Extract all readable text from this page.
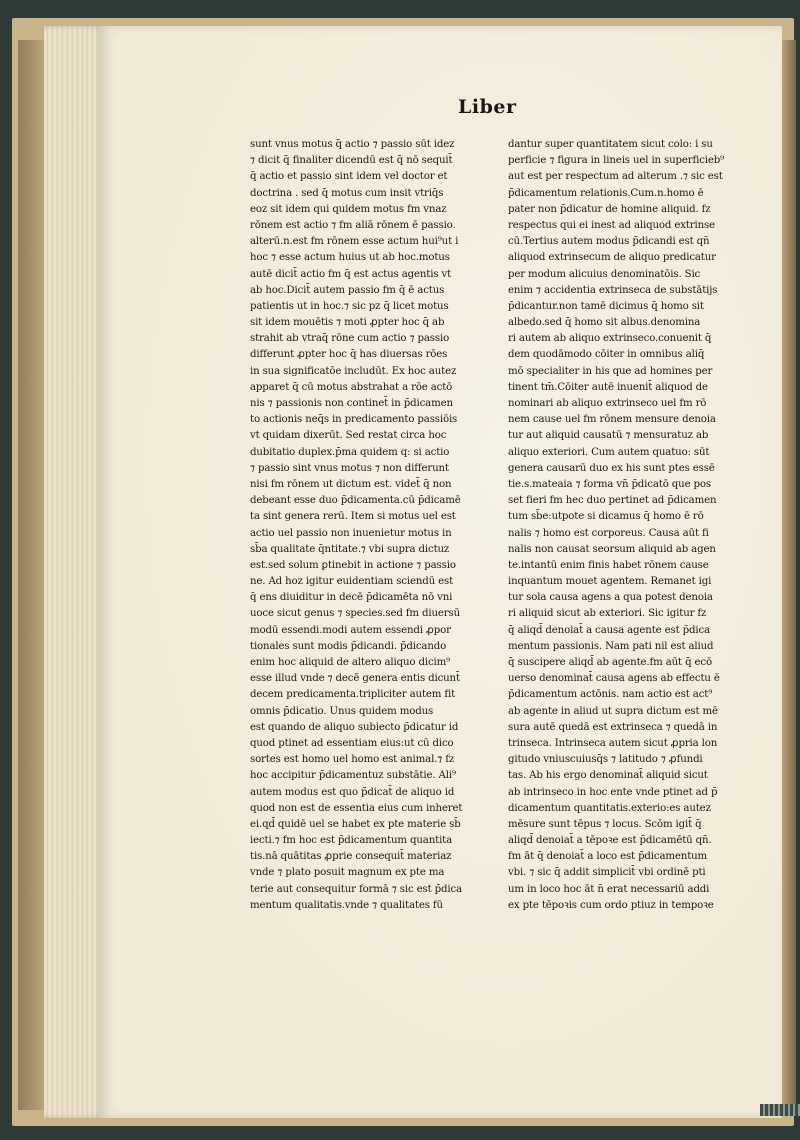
Liber
sunt vnus motus q̄ actio ⁊ passio sūt idez
⁊ dicit q̄ finaliter dicendū est q̄ nō sequit̄
q̄ actio et passio sint idem vel doctor et
doctrina . sed q̄ motus cum insit vtriq̄s
eoz sit idem qui quidem motus fm vnaz
rōnem est actio ⁊ fm aliā rōnem ē passio.
alterū.n.est fm rōnem esse actum hui⁹ut i
hoc ⁊ esse actum huius ut ab hoc.motus
autē dicit̄ actio fm q̄ est actus agentis vt
ab hoc.Dicit̄ autem passio fm q̄ ē actus
patientis ut in hoc.⁊ sic pz q̄ licet motus
sit idem mouētis ⁊ moti ꝓpter hoc q̄ ab
strahit ab vtraq̄ rōne cum actio ⁊ passio
differunt ꝓpter hoc q̄ has diuersas rōes
in sua significatōe includūt. Ex hoc autez
apparet q̄ cū motus abstrahat a rōe actō
nis ⁊ passionis non continet̄ in p̄dicamen
to actionis neq̄s in predicamento passiōis
vt quidam dixerūt. Sed restat circa hoc
dubitatio duplex.p̄ma quidem q: si actio
⁊ passio sint vnus motus ⁊ non differunt
nisi fm rōnem ut dictum est. videt̄ q̄ non
debeant esse duo p̄dicamenta.cū p̄dicamē
ta sint genera rerū. Item si motus uel est
actio uel passio non inuenietur motus in
sb̄a qualitate q̄ntitate.⁊ vbi supra dictuz
est.sed solum ꝑtinebit in actione ⁊ passio
ne. Ad hoz igitur euidentiam sciendū est
q̄ ens diuiditur in decē p̄dicamēta nō vni
uoce sicut genus ⁊ species.sed fm diuersū
modū essendi.modi autem essendi ꝓpor
tionales sunt modis p̄dicandi. p̄dicando
enim hoc aliquid de altero aliquo dicim⁹
esse illud vnde ⁊ decē genera entis dicunt̄
decem predicamenta.tripliciter autem fit
omnis p̄dicatio. Unus quidem modus
est quando de aliquo subiecto p̄dicatur id
quod ptinet ad essentiam eius:ut cū dico
sortes est homo uel homo est animal.⁊ fz
hoc accipitur p̄dicamentuz substātie. Ali⁹
autem modus est quo p̄dicat̄ de aliquo id
quod non est de essentia eius cum inheret
ei.qd̄ quidē uel se habet ex pte materie sb̄
iecti.⁊ fm hoc est p̄dicamentum quantita
tis.nā quātitas ꝓprie consequit̄ materiaz
vnde ⁊ plato posuit magnum ex pte ma
terie aut consequitur formā ⁊ sic est p̄dica
mentum qualitatis.vnde ⁊ qualitates fū
dantur super quantitatem sicut colo: i su
perficie ⁊ figura in lineis uel in superficieb⁹
aut est per respectum ad alterum .⁊ sic est
p̄dicamentum relationis.Cum.n.homo ē
pater non p̄dicatur de homine aliquid. fz
respectus qui ei inest ad aliquod extrinse
cū.Tertius autem modus p̄dicandi est qn̄
aliquod extrinsecum de aliquo predicatur
per modum alicuius denominatōis. Sic
enim ⁊ accidentia extrinseca de substātijs
p̄dicantur.non tamē dicimus q̄ homo sit
albedo.sed q̄ homo sit albus.denomina
ri autem ab aliquo extrinseco.conuenit q̄
dem quodāmodo cōiter in omnibus aliq̄
mō specialiter in his que ad homines per
tinent tm̄.Cōiter autē inuenit̄ aliquod de
nominari ab aliquo extrinseco uel fm rō
nem cause uel fm rōnem mensure denoia
tur aut aliquid causatū ⁊ mensuratuz ab
aliquo exteriori. Cum autem quatuo: sūt
genera causarū duo ex his sunt ptes essē
tie.s.mateaia ⁊ forma vn̄ p̄dicatō que pos
set fieri fm hec duo pertinet ad p̄dicamen
tum sb̄e:utpote si dicamus q̄ homo ē rō
nalis ⁊ homo est corporeus. Causa aūt fi
nalis non causat seorsum aliquid ab agen
te.intantū enim finis habet rōnem cause
inquantum mouet agentem. Remanet igi
tur sola causa agens a qua potest denoia
ri aliquid sicut ab exteriori. Sic igitur fz
q̄ aliqd̄ denoiat̄ a causa agente est p̄dica
mentum passionis. Nam pati nil est aliud
q̄ suscipere aliqd̄ ab agente.fm aūt q̄ ecō
uerso denominat̄ causa agens ab effectu ē
p̄dicamentum actōnis. nam actio est act⁹
ab agente in aliud ut supra dictum est mē
sura autē quedā est extrinseca ⁊ quedā in
trinseca. Intrinseca autem sicut ꝓpria lon
gitudo vniuscuiusq̄s ⁊ latitudo ⁊ ꝓfundi
tas. Ab his ergo denominat̄ aliquid sicut
ab intrinseco in hoc ente vnde ptinet ad p̄
dicamentum quantitatis.exterio:es autez
mēsure sunt tēpus ⁊ locus. Scōm igit̄ q̄
aliqd̄ denoiat̄ a tēpoꝛe est p̄dicamētū qn̄.
fm āt q̄ denoiat̄ a loco est p̄dicamentum
vbi. ⁊ sic q̄ addit simplicit̄ vbi ordinē pti
um in loco hoc āt n̄ erat necessariū addi
ex pte tēpoꝛis cum ordo ptiuz in tempoꝛe
